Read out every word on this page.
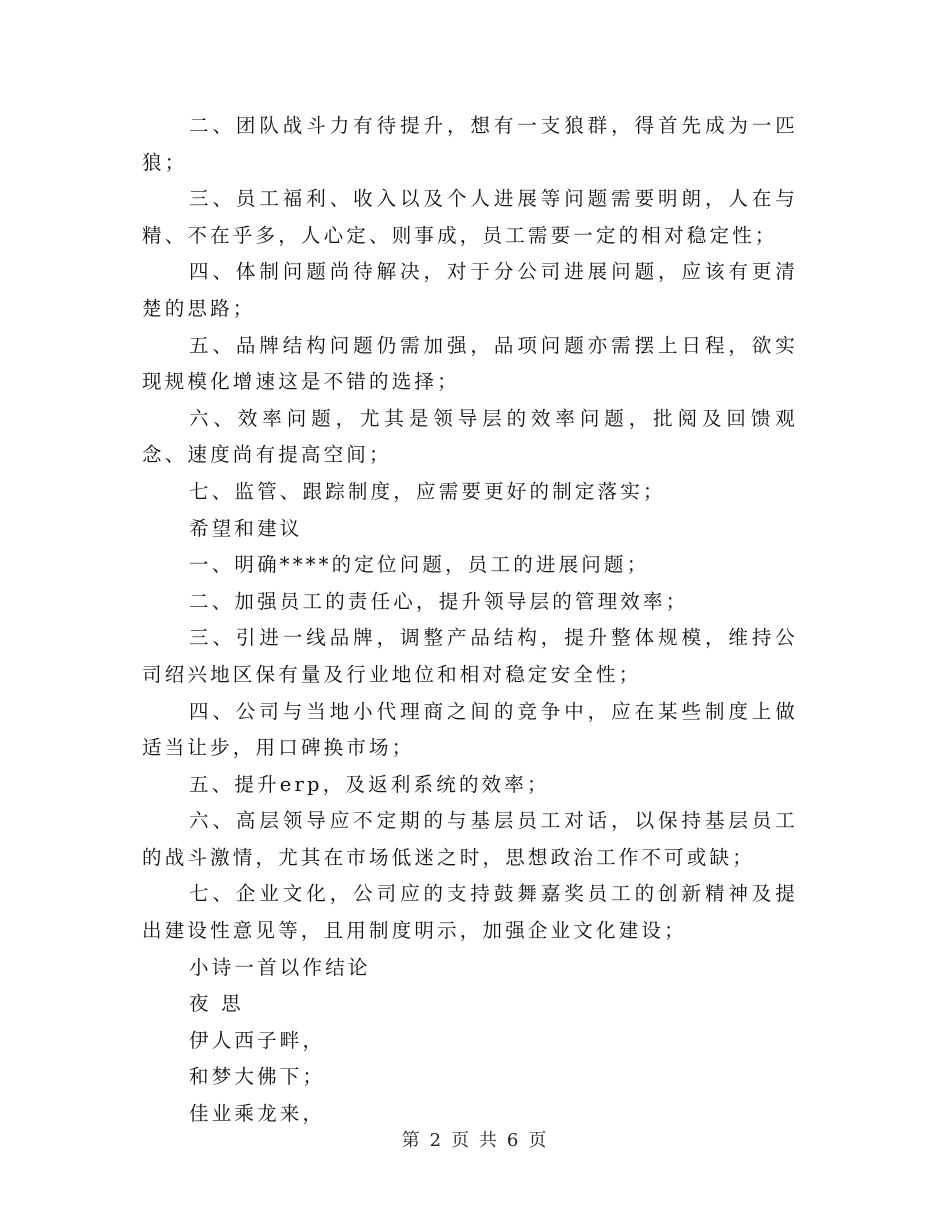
二、团队战斗力有待提升，想有一支狼群，得首先成为一匹狼；

三、员工福利、收入以及个人进展等问题需要明朗，人在与精、不在乎多，人心定、则事成，员工需要一定的相对稳定性；

四、体制问题尚待解决，对于分公司进展问题，应该有更清楚的思路；

五、品牌结构问题仍需加强，品项问题亦需摆上日程，欲实现规模化增速这是不错的选择；

六、效率问题，尤其是领导层的效率问题，批阅及回馈观念、速度尚有提高空间；

七、监管、跟踪制度，应需要更好的制定落实；

希望和建议

一、明确****的定位问题，员工的进展问题；

二、加强员工的责任心，提升领导层的管理效率；

三、引进一线品牌，调整产品结构，提升整体规模，维持公司绍兴地区保有量及行业地位和相对稳定安全性；

四、公司与当地小代理商之间的竞争中，应在某些制度上做适当让步，用口碑换市场；

五、提升erp，及返利系统的效率；

六、高层领导应不定期的与基层员工对话，以保持基层员工的战斗激情，尤其在市场低迷之时，思想政治工作不可或缺；

七、企业文化，公司应的支持鼓舞嘉奖员工的创新精神及提出建设性意见等，且用制度明示，加强企业文化建设；

小诗一首以作结论

夜 思

伊人西子畔，

和梦大佛下；

佳业乘龙来，

第 2 页 共 6 页
